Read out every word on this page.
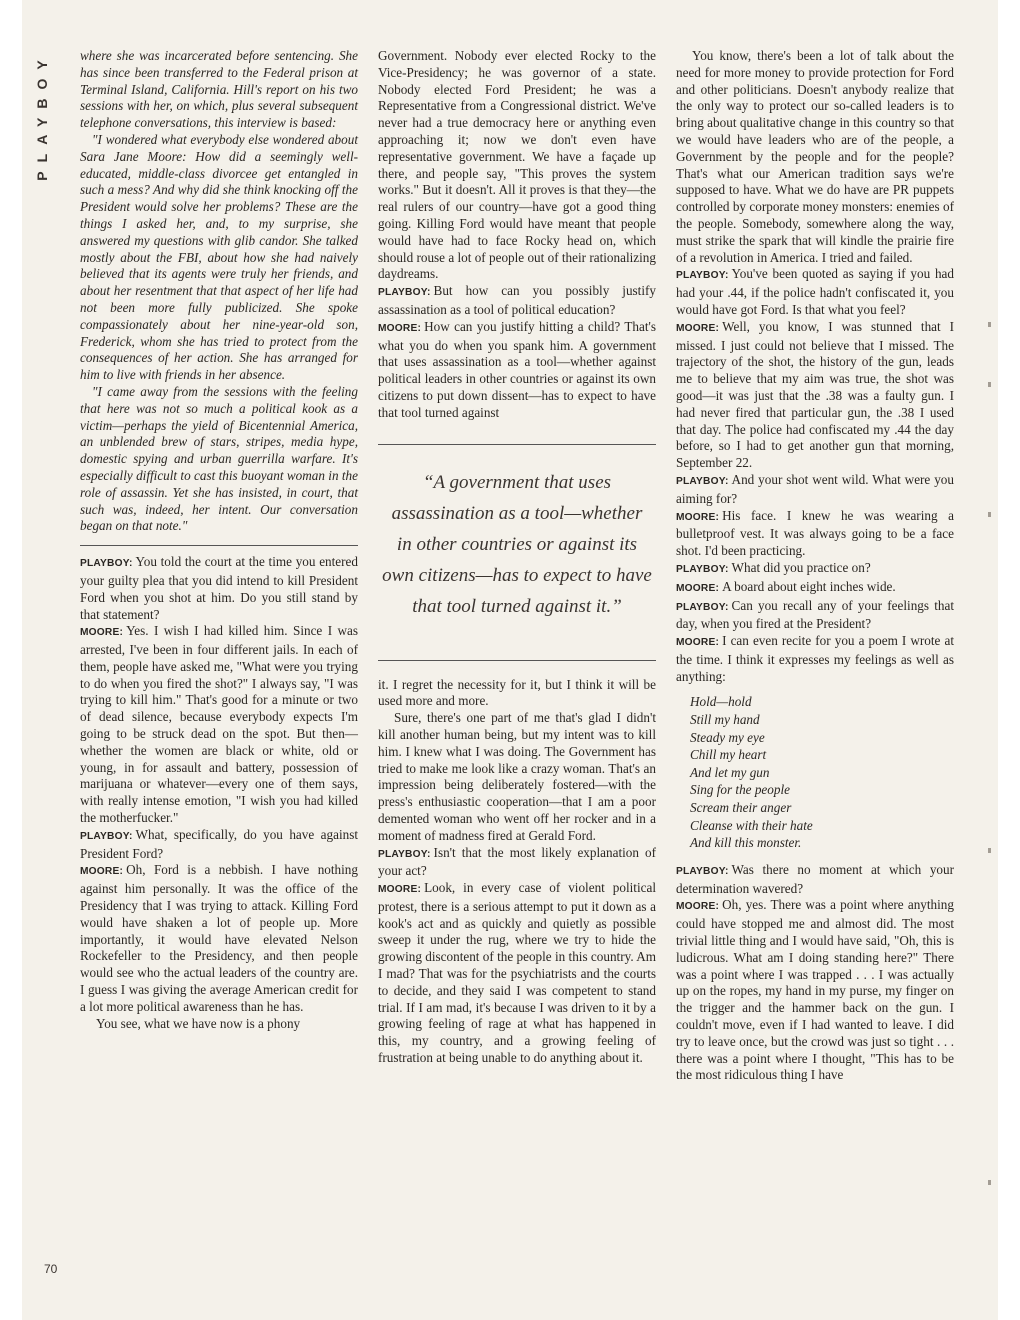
PLAYBOY
70

where she was incarcerated before sentencing. She has since been transferred to the Federal prison at Terminal Island, California. Hill's report on his two sessions with her, on which, plus several subsequent telephone conversations, this interview is based:

"I wondered what everybody else wondered about Sara Jane Moore: How did a seemingly well-educated, middle-class divorcee get entangled in such a mess? And why did she think knocking off the President would solve her problems? These are the things I asked her, and, to my surprise, she answered my questions with glib candor. She talked mostly about the FBI, about how she had naively believed that its agents were truly her friends, and about her resentment that that aspect of her life had not been more fully publicized. She spoke compassionately about her nine-year-old son, Frederick, whom she has tried to protect from the consequences of her action. She has arranged for him to live with friends in her absence.

"I came away from the sessions with the feeling that here was not so much a political kook as a victim—perhaps the yield of Bicentennial America, an unblended brew of stars, stripes, media hype, domestic spying and urban guerrilla warfare. It's especially difficult to cast this buoyant woman in the role of assassin. Yet she has insisted, in court, that such was, indeed, her intent. Our conversation began on that note."

PLAYBOY: You told the court at the time you entered your guilty plea that you did intend to kill President Ford when you shot at him. Do you still stand by that statement?

MOORE: Yes. I wish I had killed him. Since I was arrested, I've been in four different jails. In each of them, people have asked me, "What were you trying to do when you fired the shot?" I always say, "I was trying to kill him." That's good for a minute or two of dead silence, because everybody expects I'm going to be struck dead on the spot. But then—whether the women are black or white, old or young, in for assault and battery, possession of marijuana or whatever—every one of them says, with really intense emotion, "I wish you had killed the motherfucker."

PLAYBOY: What, specifically, do you have against President Ford?

MOORE: Oh, Ford is a nebbish. I have nothing against him personally. It was the office of the Presidency that I was trying to attack. Killing Ford would have shaken a lot of people up. More importantly, it would have elevated Nelson Rockefeller to the Presidency, and then people would see who the actual leaders of the country are. I guess I was giving the average American credit for a lot more political awareness than he has.

You see, what we have now is a phony

Government. Nobody ever elected Rocky to the Vice-Presidency; he was governor of a state. Nobody elected Ford President; he was a Representative from a Congressional district. We've never had a true democracy here or anything even approaching it; now we don't even have representative government. We have a façade up there, and people say, "This proves the system works." But it doesn't. All it proves is that they—the real rulers of our country—have got a good thing going. Killing Ford would have meant that people would have had to face Rocky head on, which should rouse a lot of people out of their rationalizing daydreams.

PLAYBOY: But how can you possibly justify assassination as a tool of political education?

MOORE: How can you justify hitting a child? That's what you do when you spank him. A government that uses assassination as a tool—whether against political leaders in other countries or against its own citizens to put down dissent—has to expect to have that tool turned against

“A government that uses assassination as a tool—whether in other countries or against its own citizens—has to expect to have that tool turned against it.”

it. I regret the necessity for it, but I think it will be used more and more.

Sure, there's one part of me that's glad I didn't kill another human being, but my intent was to kill him. I knew what I was doing. The Government has tried to make me look like a crazy woman. That's an impression being deliberately fostered—with the press's enthusiastic cooperation—that I am a poor demented woman who went off her rocker and in a moment of madness fired at Gerald Ford.

PLAYBOY: Isn't that the most likely explanation of your act?

MOORE: Look, in every case of violent political protest, there is a serious attempt to put it down as a kook's act and as quickly and quietly as possible sweep it under the rug, where we try to hide the growing discontent of the people in this country. Am I mad? That was for the psychiatrists and the courts to decide, and they said I was competent to stand trial. If I am mad, it's because I was driven to it by a growing feeling of rage at what has happened in this, my country, and a growing feeling of frustration at being unable to do anything about it.

You know, there's been a lot of talk about the need for more money to provide protection for Ford and other politicians. Doesn't anybody realize that the only way to protect our so-called leaders is to bring about qualitative change in this country so that we would have leaders who are of the people, a Government by the people and for the people? That's what our American tradition says we're supposed to have. What we do have are PR puppets controlled by corporate money monsters: enemies of the people. Somebody, somewhere along the way, must strike the spark that will kindle the prairie fire of a revolution in America. I tried and failed.

PLAYBOY: You've been quoted as saying if you had had your .44, if the police hadn't confiscated it, you would have got Ford. Is that what you feel?

MOORE: Well, you know, I was stunned that I missed. I just could not believe that I missed. The trajectory of the shot, the history of the gun, leads me to believe that my aim was true, the shot was good—it was just that the .38 was a faulty gun. I had never fired that particular gun, the .38 I used that day. The police had confiscated my .44 the day before, so I had to get another gun that morning, September 22.

PLAYBOY: And your shot went wild. What were you aiming for?

MOORE: His face. I knew he was wearing a bulletproof vest. It was always going to be a face shot. I'd been practicing.

PLAYBOY: What did you practice on?

MOORE: A board about eight inches wide.

PLAYBOY: Can you recall any of your feelings that day, when you fired at the President?

MOORE: I can even recite for you a poem I wrote at the time. I think it expresses my feelings as well as anything:

Hold—hold
Still my hand
Steady my eye
Chill my heart
And let my gun
Sing for the people
Scream their anger
Cleanse with their hate
And kill this monster.

PLAYBOY: Was there no moment at which your determination wavered?

MOORE: Oh, yes. There was a point where anything could have stopped me and almost did. The most trivial little thing and I would have said, "Oh, this is ludicrous. What am I doing standing here?" There was a point where I was trapped . . . I was actually up on the ropes, my hand in my purse, my finger on the trigger and the hammer back on the gun. I couldn't move, even if I had wanted to leave. I did try to leave once, but the crowd was just so tight . . . there was a point where I thought, "This has to be the most ridiculous thing I have
